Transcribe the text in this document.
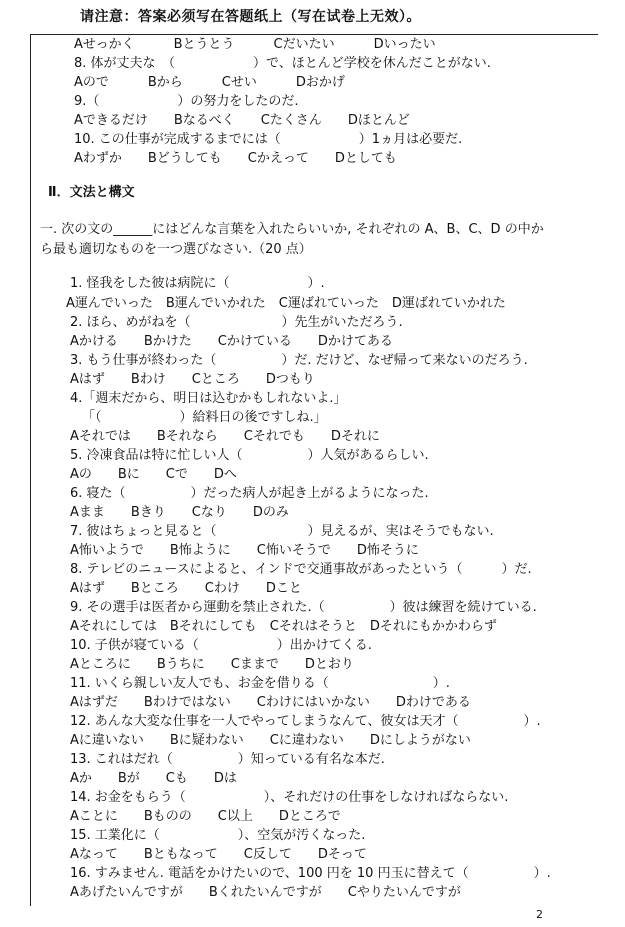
请注意：答案必须写在答题纸上（写在试卷上无效）。
Aせっかく　　　Bとうとう　　　Cだいたい　　　Dいったい
8. 体が丈夫な　（　　　　　　）で、ほとんど学校を休んだことがない.
Aので　　　Bから　　　Cせい　　　Dおかげ
9.（　　　　　　）の努力をしたのだ.
Aできるだけ　　Bなるべく　　Cたくさん　　Dほとんど
10. この仕事が完成するまでには（　　　　　　）1ヵ月は必要だ.
Aわずか　　Bどうしても　　Cかえって　　Dとしても
Ⅱ．文法と構文
一. 次の文の______にはどんな言葉を入れたらいいか, それぞれの A、B、C、D の中か
ら最も適切なものを一つ選びなさい.（20 点）
1. 怪我をした彼は病院に（　　　　　　）.
A運んでいった　B運んでいかれた　C運ばれていった　D運ばれていかれた
2. ほら、めがねを（　　　　　　　）先生がいただろう.
Aかける　　Bかけた　　Cかけている　　Dかけてある
3. もう仕事が終わった（　　　　　）だ. だけど、なぜ帰って来ないのだろう.
Aはず　　Bわけ　　Cところ　　Dつもり
4.「週末だから、明日は込むかもしれないよ.」
「（　　　　　　）給料日の後ですしね.」
Aそれでは　　Bそれなら　　Cそれでも　　Dそれに
5. 冷凍食品は特に忙しい人（　　　　　）人気があるらしい.
Aの　　Bに　　Cで　　Dへ
6. 寝た（　　　　　）だった病人が起き上がるようになった.
Aまま　　Bきり　　Cなり　　Dのみ
7. 彼はちょっと見ると（　　　　　　　）見えるが、実はそうでもない.
A怖いようで　　B怖ように　　C怖いそうで　　D怖そうに
8. テレビのニュースによると、インドで交通事故があったという（　　　）だ.
Aはず　　Bところ　　Cわけ　　Dこと
9. その選手は医者から運動を禁止された.（　　　　　）彼は練習を続けている.
Aそれにしては　Bそれにしても　Cそれはそうと　Dそれにもかかわらず
10. 子供が寝ている（　　　　　　）出かけてくる.
Aところに　　Bうちに　　Cままで　　Dとおり
11. いくら親しい友人でも、お金を借りる（　　　　　　　　）.
Aはずだ　　Bわけではない　　Cわけにはいかない　　Dわけである
12. あんな大変な仕事を一人でやってしまうなんて、彼女は天才（　　　　　）.
Aに違いない　　Bに疑わない　　Cに違わない　　Dにしようがない
13. これはだれ（　　　　　）知っている有名な本だ.
Aか　　Bが　　Cも　　Dは
14. お金をもらう（　　　　　　）、それだけの仕事をしなければならない.
Aことに　　Bものの　　C以上　　Dところで
15. 工業化に（　　　　　　）、空気が汚くなった.
Aなって　　Bともなって　　C反して　　Dそって
16. すみません. 電話をかけたいので、100 円を 10 円玉に替えて（　　　　　）.
Aあげたいんですが　　Bくれたいんですが　　Cやりたいんですが
2
